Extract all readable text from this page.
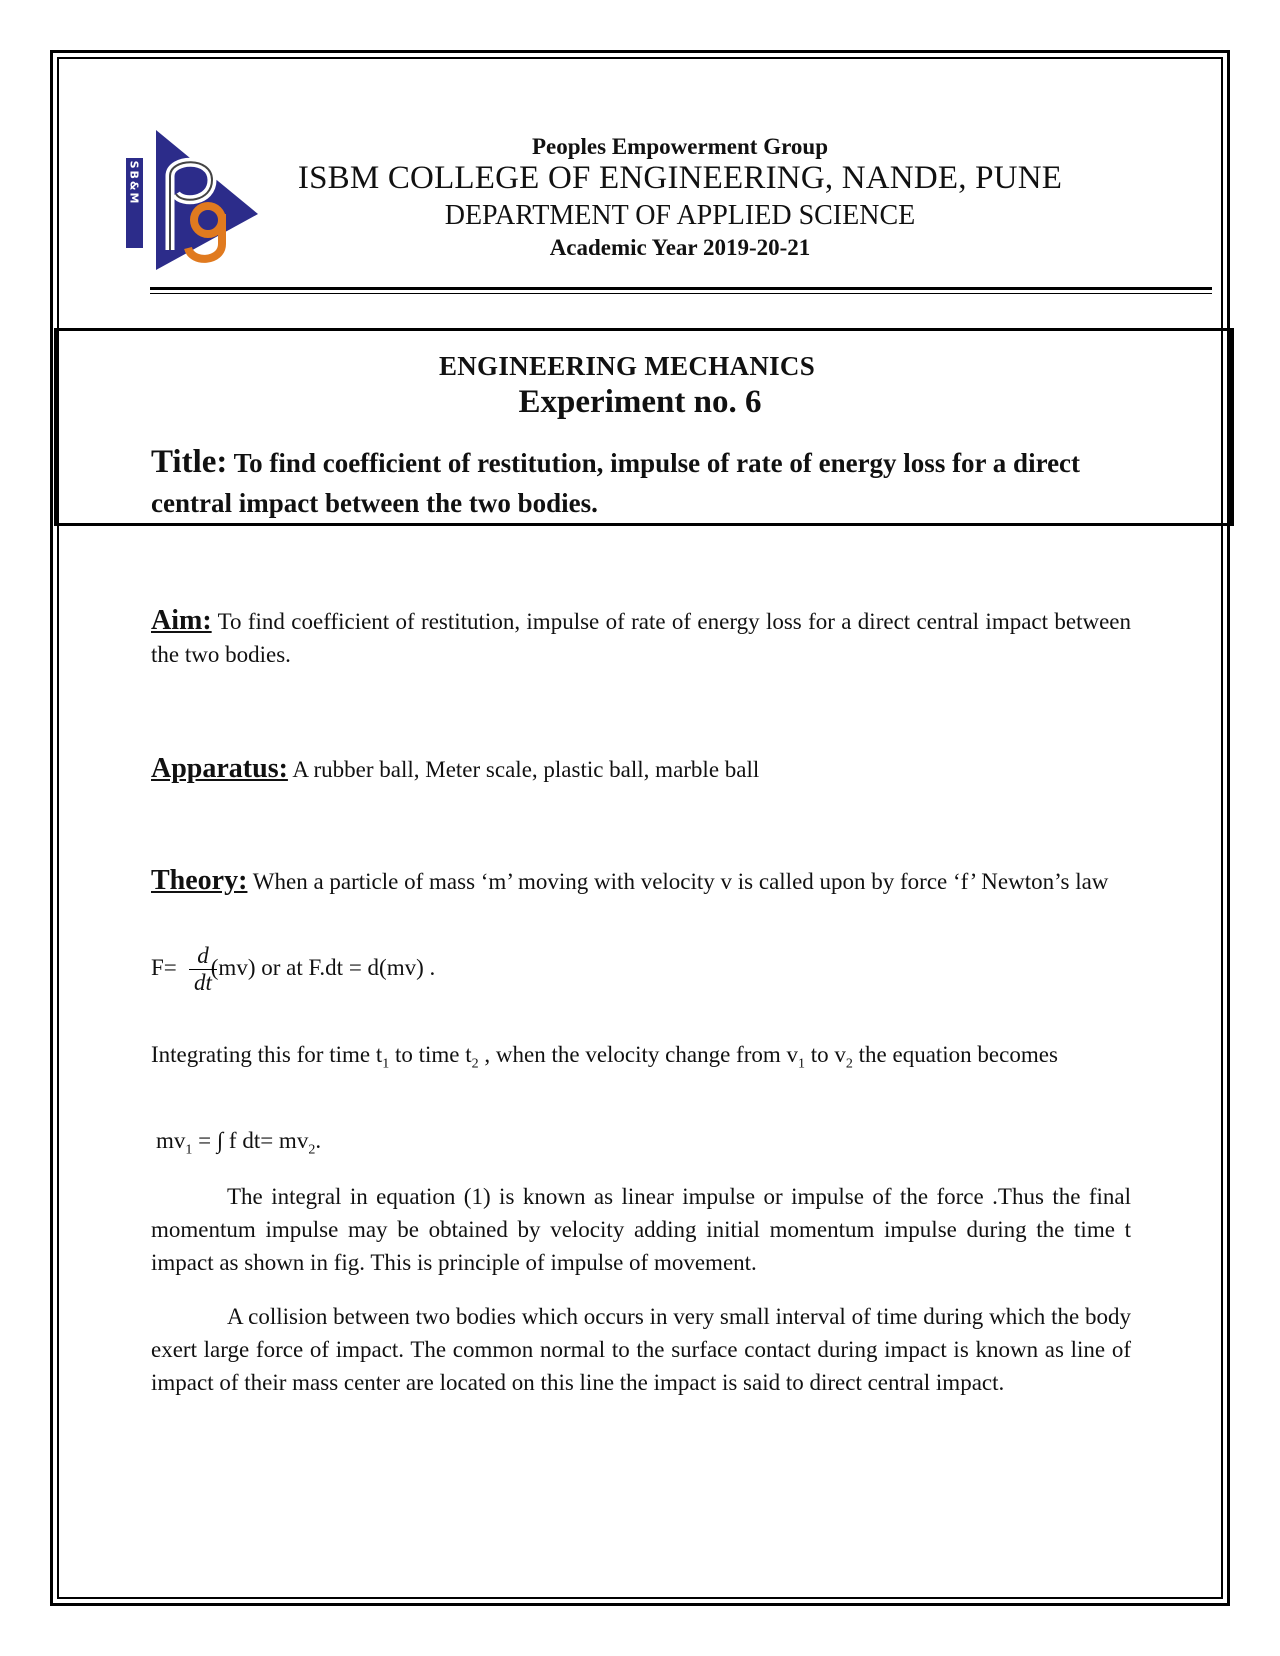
ISB&M
Peoples Empowerment Group
ISBM COLLEGE OF ENGINEERING, NANDE, PUNE
DEPARTMENT OF APPLIED SCIENCE
Academic Year 2019-20-21
ENGINEERING MECHANICS
Experiment no. 6
Title: To find coefficient of restitution, impulse of rate of energy loss for a direct central impact between the two bodies.
Aim: To find coefficient of restitution, impulse of rate of energy loss for a direct central impact between the two bodies.
Apparatus: A rubber ball, Meter scale, plastic ball, marble ball
Theory: When a particle of mass ‘m’ moving with velocity v is called upon by force ‘f’ Newton’s law
F= (mv) or at F.dt = d(mv) .
$\frac{d}{dt}$
Integrating this for time $t_1$ to time $t_2$ , when the velocity change from $v_1$ to $v_2$ the equation becomes
$mv_1$ = ∫ f $dt= mv_2$.
The integral in equation (1) is known as linear impulse or impulse of the force .Thus the final momentum impulse may be obtained by velocity adding initial momentum impulse during the time t impact as shown in fig. This is principle of impulse of movement.
A collision between two bodies which occurs in very small interval of time during which the body exert large force of impact. The common normal to the surface contact during impact is known as line of impact of their mass center are located on this line the impact is said to direct central impact.
